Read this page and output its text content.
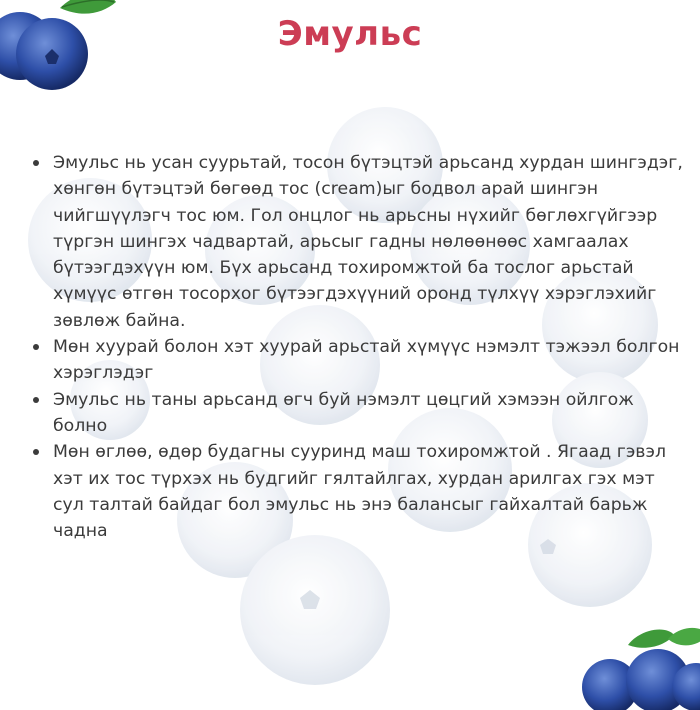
Эмульс
Эмульс нь усан суурьтай, тосон бүтэцтэй арьсанд хурдан шингэдэг, хөнгөн бүтэцтэй бөгөөд тос (cream)ыг бодвол арай шингэн чийгшүүлэгч тос юм. Гол онцлог нь арьсны нүхийг бөглөхгүйгээр түргэн шингэх чадвартай, арьсыг гадны нөлөөнөөс хамгаалах бүтээгдэхүүн юм. Бүх арьсанд тохиромжтой ба тослог арьстай хүмүүс өтгөн тосорхог бүтээгдэхүүний оронд түлхүү хэрэглэхийг зөвлөж байна.
Мөн хуурай болон хэт хуурай арьстай хүмүүс нэмэлт тэжээл болгон хэрэглэдэг
Эмульс нь таны арьсанд өгч буй нэмэлт цөцгий хэмээн ойлгож болно
Мөн өглөө, өдөр будагны сууринд маш тохиромжтой . Ягаад гэвэл хэт их тос түрхэх нь будгийг гялтайлгах, хурдан арилгах гэх мэт сул талтай байдаг бол эмульс нь энэ балансыг гайхалтай барьж чадна
